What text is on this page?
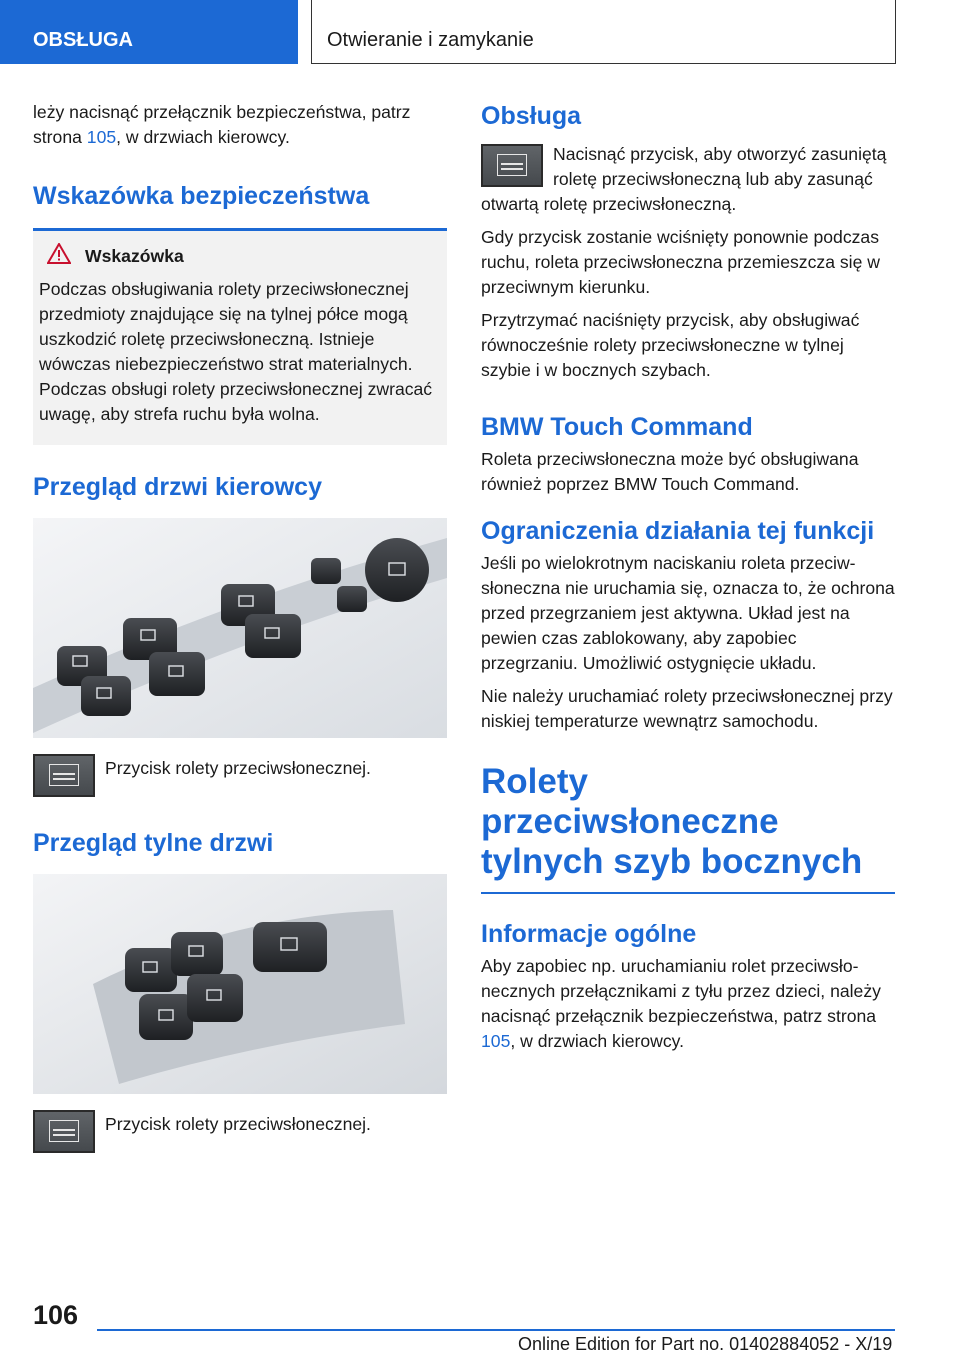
OBSŁUGA	Otwieranie i zamykanie

leży nacisnąć przełącznik bezpieczeństwa, patrz strona 105, w drzwiach kierowcy.

Wskazówka bezpieczeństwa
Wskazówka

Podczas obsługiwania rolety przeciwsłonecznej przedmioty znajdujące się na tylnej półce mogą uszkodzić roletę przeciwsłoneczną. Istnieje wówczas niebezpieczeństwo strat materialnych. Podczas obsługi rolety przeciwsłonecznej zwracać uwagę, aby strefa ruchu była wolna.

Przegląd drzwi kierowcy

Przycisk rolety przeciwsłonecznej.

Przegląd tylne drzwi

Przycisk rolety przeciwsłonecznej.

Obsługa

Nacisnąć przycisk, aby otworzyć zasuniętą roletę przeciwsłoneczną lub aby zasunąć otwartą roletę przeciwsłoneczną.

Gdy przycisk zostanie wciśnięty ponownie podczas ruchu, roleta przeciwsłoneczna przemieszcza się w przeciwnym kierunku.

Przytrzymać naciśnięty przycisk, aby obsługiwać równocześnie rolety przeciwsłoneczne w tylnej szybie i w bocznych szybach.

BMW Touch Command

Roleta przeciwsłoneczna może być obsługiwana również poprzez BMW Touch Command.

Ograniczenia działania tej funkcji

Jeśli po wielokrotnym naciskaniu roleta przeciwsłoneczna nie uruchamia się, oznacza to, że ochrona przed przegrzaniem jest aktywna. Układ jest na pewien czas zablokowany, aby zapobiec przegrzaniu. Umożliwić ostygnięcie układu.

Nie należy uruchamiać rolety przeciwsłonecznej przy niskiej temperaturze wewnątrz samochodu.

Rolety przeciwsłoneczne tylnych szyb bocznych
Informacje ogólne

Aby zapobiec np. uruchamianiu rolet przeciwsłonecznych przełącznikami z tyłu przez dzieci, należy nacisnąć przełącznik bezpieczeństwa, patrz strona 105, w drzwiach kierowcy.

106
Online Edition for Part no. 01402884052 - X/19
